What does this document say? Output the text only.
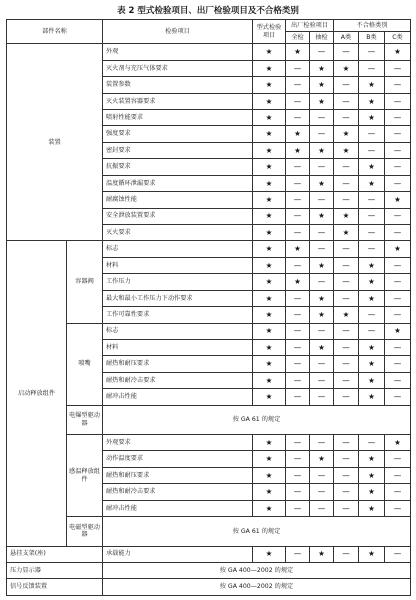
表 2 型式检验项目、出厂检验项目及不合格类别
部件名称		检验项目	型式检验项目	出厂检验项目		不合格类别		
				全检	抽检	A类	B类	C类
装置		外观	★	★	—	—	—	★
		灭火剂与充压气体要求	★	—	★	★	—	—
		装置参数	★	—	★	—	★	—
		灭火装置容器要求	★	—	★	—	★	—
		喷射性能要求	★	—	—	—	★	—
		强度要求	★	★	—	★	—	—
		密封要求	★	★	★	★	—	—
		抗振要求	★	—	—	—	★	—
		温度循环泄漏要求	★	—	★	—	★	—
		耐腐蚀性能	★	—	—	—	—	★
		安全泄放装置要求	★	—	★	★	—	—
		灭火要求	★	—	—	★	—	—
启动释放组件	容器阀	标志	★	★	—	—	—	★
		材料	★	—	★	—	★	—
		工作压力	★	★	—	—	★	—
		最大和最小工作压力下动作要求	★	—	★	—	★	—
		工作可靠性要求	★	—	★	★	—	—
	喷嘴	标志	★	—	—	—	—	★
		材料	★	—	★	—	★	—
		耐热和耐压要求	★	—	—	—	★	—
		耐热和耐冷击要求	★	—	—	—	★	—
		耐冲击性能	★	—	—	—	★	—
	电爆型驱动器	按 GA 61 的规定						
	感温释放组件	外观要求	★	—	—	—	—	★
		动作温度要求	★	—	★	—	★	—
		耐热和耐压要求	★	—	—	—	★	—
		耐热和耐冷击要求	★	—	—	—	★	—
		耐冲击性能	★	—	—	—	★	—
	电磁型驱动器	按 GA 61 的规定						
悬挂支架(座)		承载能力	★	—	★	—	★	—
压力显示器		按 GA 400—2002 的规定						
信号反馈装置		按 GA 400—2002 的规定						
